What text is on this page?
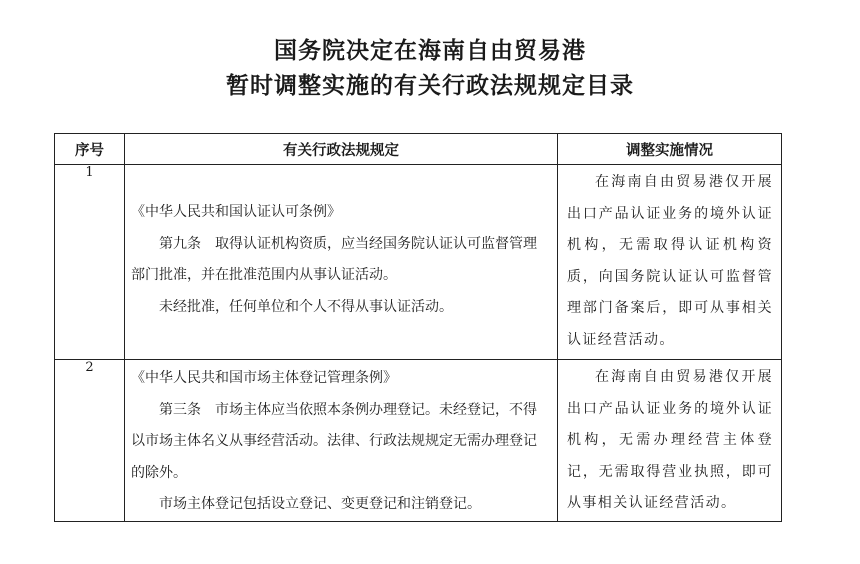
国务院决定在海南自由贸易港
暂时调整实施的有关行政法规规定目录
序号	有关行政法规规定	调整实施情况
1	《中华人民共和国认证认可条例》

第九条　取得认证机构资质，应当经国务院认证认可监督管理部门批准，并在批准范围内从事认证活动。

未经批准，任何单位和个人不得从事认证活动。	在海南自由贸易港仅开展出口产品认证业务的境外认证机构，无需取得认证机构资质，向国务院认证认可监督管理部门备案后，即可从事相关认证经营活动。

2	《中华人民共和国市场主体登记管理条例》

第三条　市场主体应当依照本条例办理登记。未经登记，不得以市场主体名义从事经营活动。法律、行政法规规定无需办理登记的除外。

市场主体登记包括设立登记、变更登记和注销登记。	在海南自由贸易港仅开展出口产品认证业务的境外认证机构，无需办理经营主体登记，无需取得营业执照，即可从事相关认证经营活动。
